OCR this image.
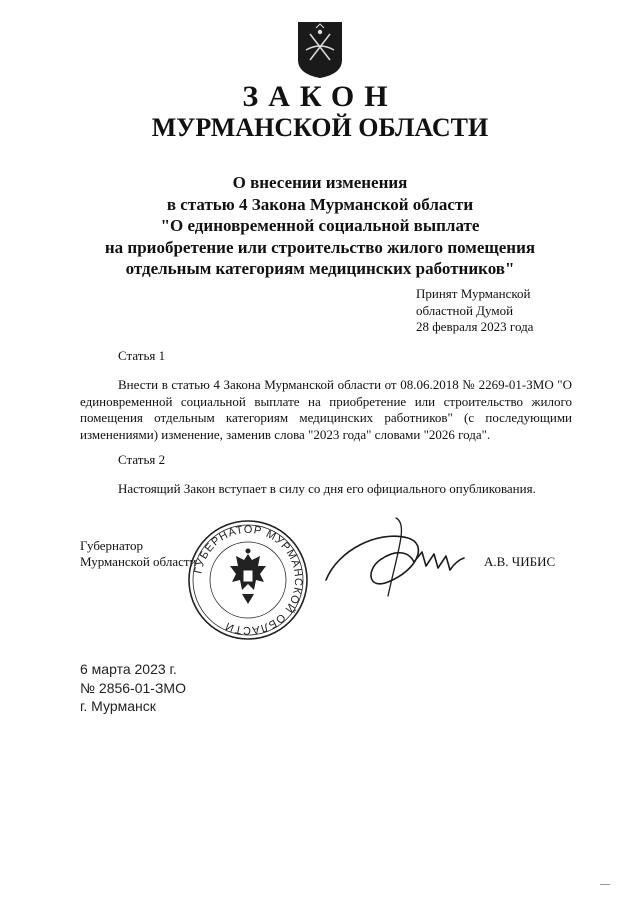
ЗАКОН
МУРМАНСКОЙ ОБЛАСТИ
О внесении изменения
в статью 4 Закона Мурманской области
"О единовременной социальной выплате
на приобретение или строительство жилого помещения
отдельным категориям медицинских работников"
Принят Мурманской
областной Думой
28 февраля 2023 года
Статья 1
Внести в статью 4 Закона Мурманской области от 08.06.2018 № 2269-01-ЗМО "О единовременной социальной выплате на приобретение или строительство жилого помещения отдельным категориям медицинских работников" (с последующими изменениями) изменение, заменив слова "2023 года" словами "2026 года".
Статья 2
Настоящий Закон вступает в силу со дня его официального опубликования.
Губернатор
Мурманской области
ГУБЕРНАТОР МУРМАНСКОЙ ОБЛАСТИ
А.В. ЧИБИС
6 марта 2023 г.
№ 2856-01-ЗМО
г. Мурманск
